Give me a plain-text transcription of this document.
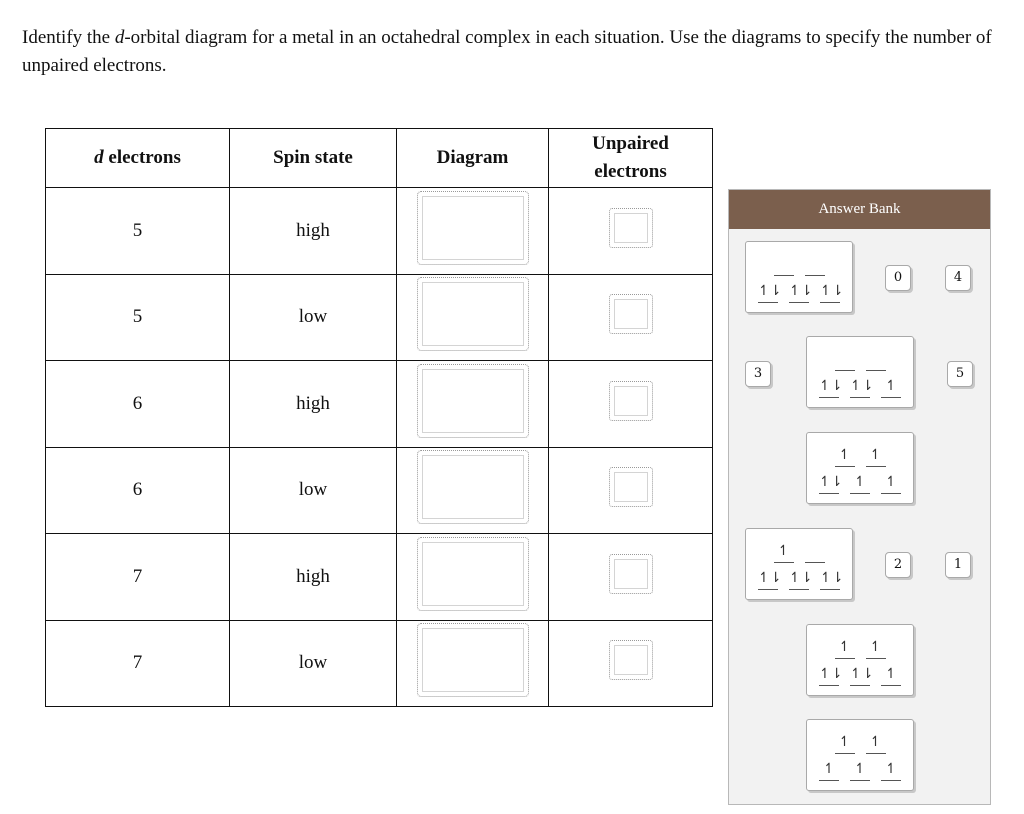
Identify the d-orbital diagram for a metal in an octahedral complex in each situation. Use the diagrams to specify the number of unpaired electrons.
d electrons	Spin state	Diagram	Unpaired
electrons
5	high		
5	low		
6	high		
6	low		
7	high		
7	low		
Answer Bank
↿⇂ ↿⇂ ↿⇂
↿⇂ ↿⇂ ↿
↿ ↿
↿⇂ ↿ ↿
↿
↿⇂ ↿⇂ ↿⇂
↿ ↿
↿⇂ ↿⇂ ↿
↿ ↿
↿ ↿ ↿
0	4
3	5
2	1
